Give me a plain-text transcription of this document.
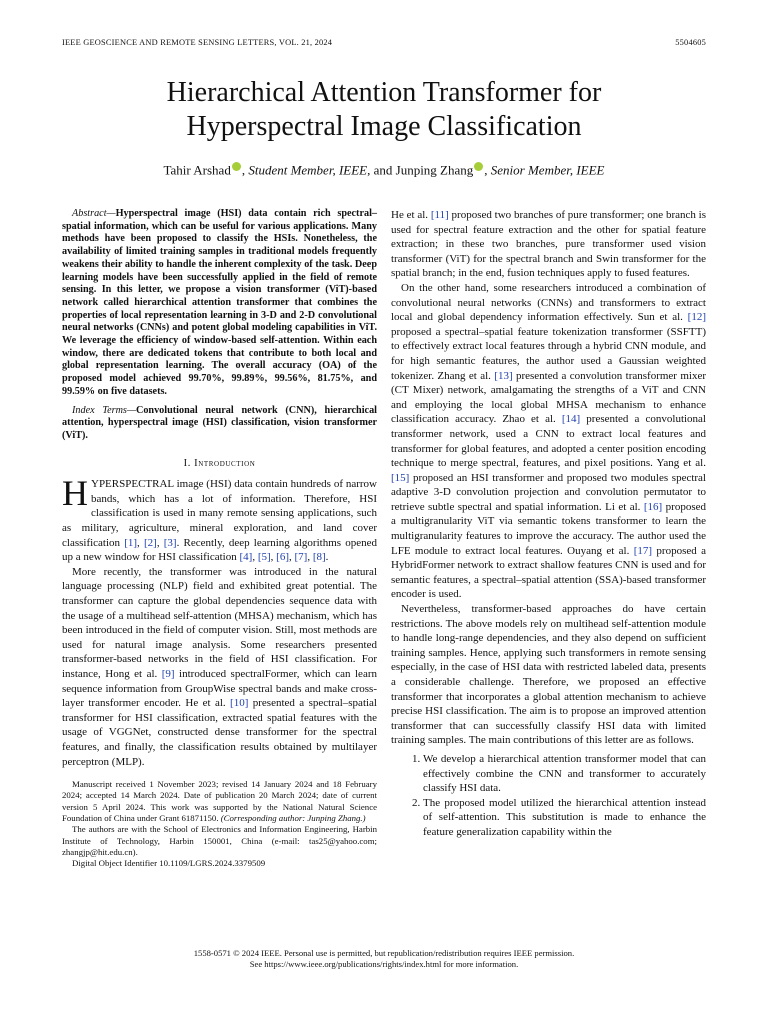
IEEE GEOSCIENCE AND REMOTE SENSING LETTERS, VOL. 21, 2024	5504605
Hierarchical Attention Transformer for
Hyperspectral Image Classification
Tahir Arshad , Student Member, IEEE, and Junping Zhang , Senior Member, IEEE

Abstract—Hyperspectral image (HSI) data contain rich spectral–spatial information, which can be useful for various applications. Many methods have been proposed to classify the HSIs. Nonetheless, the availability of limited training samples in traditional models frequently weakens their ability to handle the inherent complexity of the task. Deep learning models have been successfully applied in the field of remote sensing. In this letter, we propose a vision transformer (ViT)-based network called hierarchical attention transformer that combines the properties of local representation learning in 3-D and 2-D convolutional neural networks (CNNs) and potent global modeling capabilities in ViT. We leverage the efficiency of window-based self-attention. Within each window, there are dedicated tokens that contribute to both local and global representation learning. The overall accuracy (OA) of the proposed model achieved 99.70%, 99.89%, 99.56%, 81.75%, and 99.59% on five datasets.

Index Terms—Convolutional neural network (CNN), hierarchical attention, hyperspectral image (HSI) classification, vision transformer (ViT).

I. Introduction

HYPERSPECTRAL image (HSI) data contain hundreds of narrow bands, which has a lot of information. Therefore, HSI classification is used in many remote sensing applications, such as military, agriculture, mineral exploration, and land cover classification [1], [2], [3]. Recently, deep learning algorithms opened up a new window for HSI classification [4], [5], [6], [7], [8].

More recently, the transformer was introduced in the natural language processing (NLP) field and exhibited great potential. The transformer can capture the global dependencies sequence data with the usage of a multihead self-attention (MHSA) mechanism, which has been introduced in the field of computer vision. Still, most methods are used for natural image analysis. Some researchers presented transformer-based networks in the field of HSI classification. For instance, Hong et al. [9] introduced spectralFormer, which can learn sequence information from GroupWise spectral bands and make cross-layer transformer encoder. He et al. [10] presented a spectral–spatial transformer for HSI classification, extracted spatial features with the usage of VGGNet, constructed dense transformer for the spectral features, and finally, the classification results obtained by multilayer perceptron (MLP).

Manuscript received 1 November 2023; revised 14 January 2024 and 18 February 2024; accepted 14 March 2024. Date of publication 20 March 2024; date of current version 5 April 2024. This work was supported by the National Natural Science Foundation of China under Grant 61871150. (Corresponding author: Junping Zhang.)

The authors are with the School of Electronics and Information Engineering, Harbin Institute of Technology, Harbin 150001, China (e-mail: tas25@yahoo.com; zhangjp@hit.edu.cn).

Digital Object Identifier 10.1109/LGRS.2024.3379509

He et al. [11] proposed two branches of pure transformer; one branch is used for spectral feature extraction and the other for spatial feature extraction; in these two branches, pure transformer used vision transformer (ViT) for the spectral branch and Swin transformer for the spatial branch; in the end, fusion techniques apply to fused features.

On the other hand, some researchers introduced a combination of convolutional neural networks (CNNs) and transformers to extract local and global dependency information effectively. Sun et al. [12] proposed a spectral–spatial feature tokenization transformer (SSFTT) to effectively extract local features through a hybrid CNN module, and for high semantic features, the author used a Gaussian weighted tokenizer. Zhang et al. [13] presented a convolution transformer mixer (CT Mixer) network, amalgamating the strengths of a ViT and CNN and employing the local global MHSA mechanism to enhance classification accuracy. Zhao et al. [14] presented a convolutional transformer network, used a CNN to extract local features and transformer for global features, and adopted a center position encoding technique to merge spectral, features, and pixel positions. Yang et al. [15] proposed an HSI transformer and proposed two modules spectral adaptive 3-D convolution projection and convolution permutator to retrieve subtle spectral and spatial information. Li et al. [16] proposed a multigranularity ViT via semantic tokens transformer to learn the multigranularity features to improve the accuracy. The author used the LFE module to extract local features. Ouyang et al. [17] proposed a HybridFormer network to extract shallow features CNN is used and for semantic features, a spectral–spatial attention (SSA)-based transformer encoder is used.

Nevertheless, transformer-based approaches do have certain restrictions. The above models rely on multihead self-attention module to handle long-range dependencies, and they also depend on sufficient training samples. Hence, applying such transformers in remote sensing especially, in the case of HSI data with restricted labeled data, presents a considerable challenge. Therefore, we proposed an effective transformer that incorporates a global attention mechanism to achieve precise HSI classification. The aim is to propose an improved attention transformer that can successfully classify HSI data with limited training samples. The main contributions of this letter are as follows.

1. We develop a hierarchical attention transformer model that can effectively combine the CNN and transformer to accurately classify HSI data.
2. The proposed model utilized the hierarchical attention instead of self-attention. This substitution is made to enhance the feature generalization capability within the
1558-0571 © 2024 IEEE. Personal use is permitted, but republication/redistribution requires IEEE permission.
See https://www.ieee.org/publications/rights/index.html for more information.
